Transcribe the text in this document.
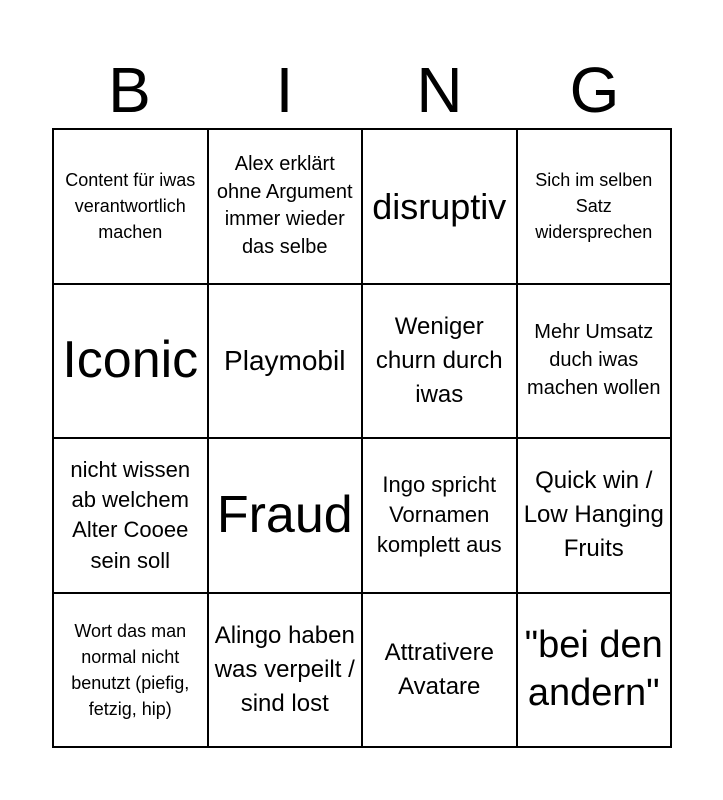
B	I	N	G
Content für iwas verantwortlich machen
Alex erklärt ohne Argument immer wieder das selbe
disruptiv
Sich im selben Satz widersprechen
Iconic Playmobil
Weniger churn durch iwas
Mehr Umsatz duch iwas machen wollen
nicht wissen ab welchem Alter Cooee sein soll
Fraud
Ingo spricht Vornamen komplett aus
Quick win / Low Hanging Fruits
Wort das man normal nicht benutzt (piefig, fetzig, hip)
Alingo haben was verpeilt / sind lost
Attrativere Avatare
"bei den andern"
